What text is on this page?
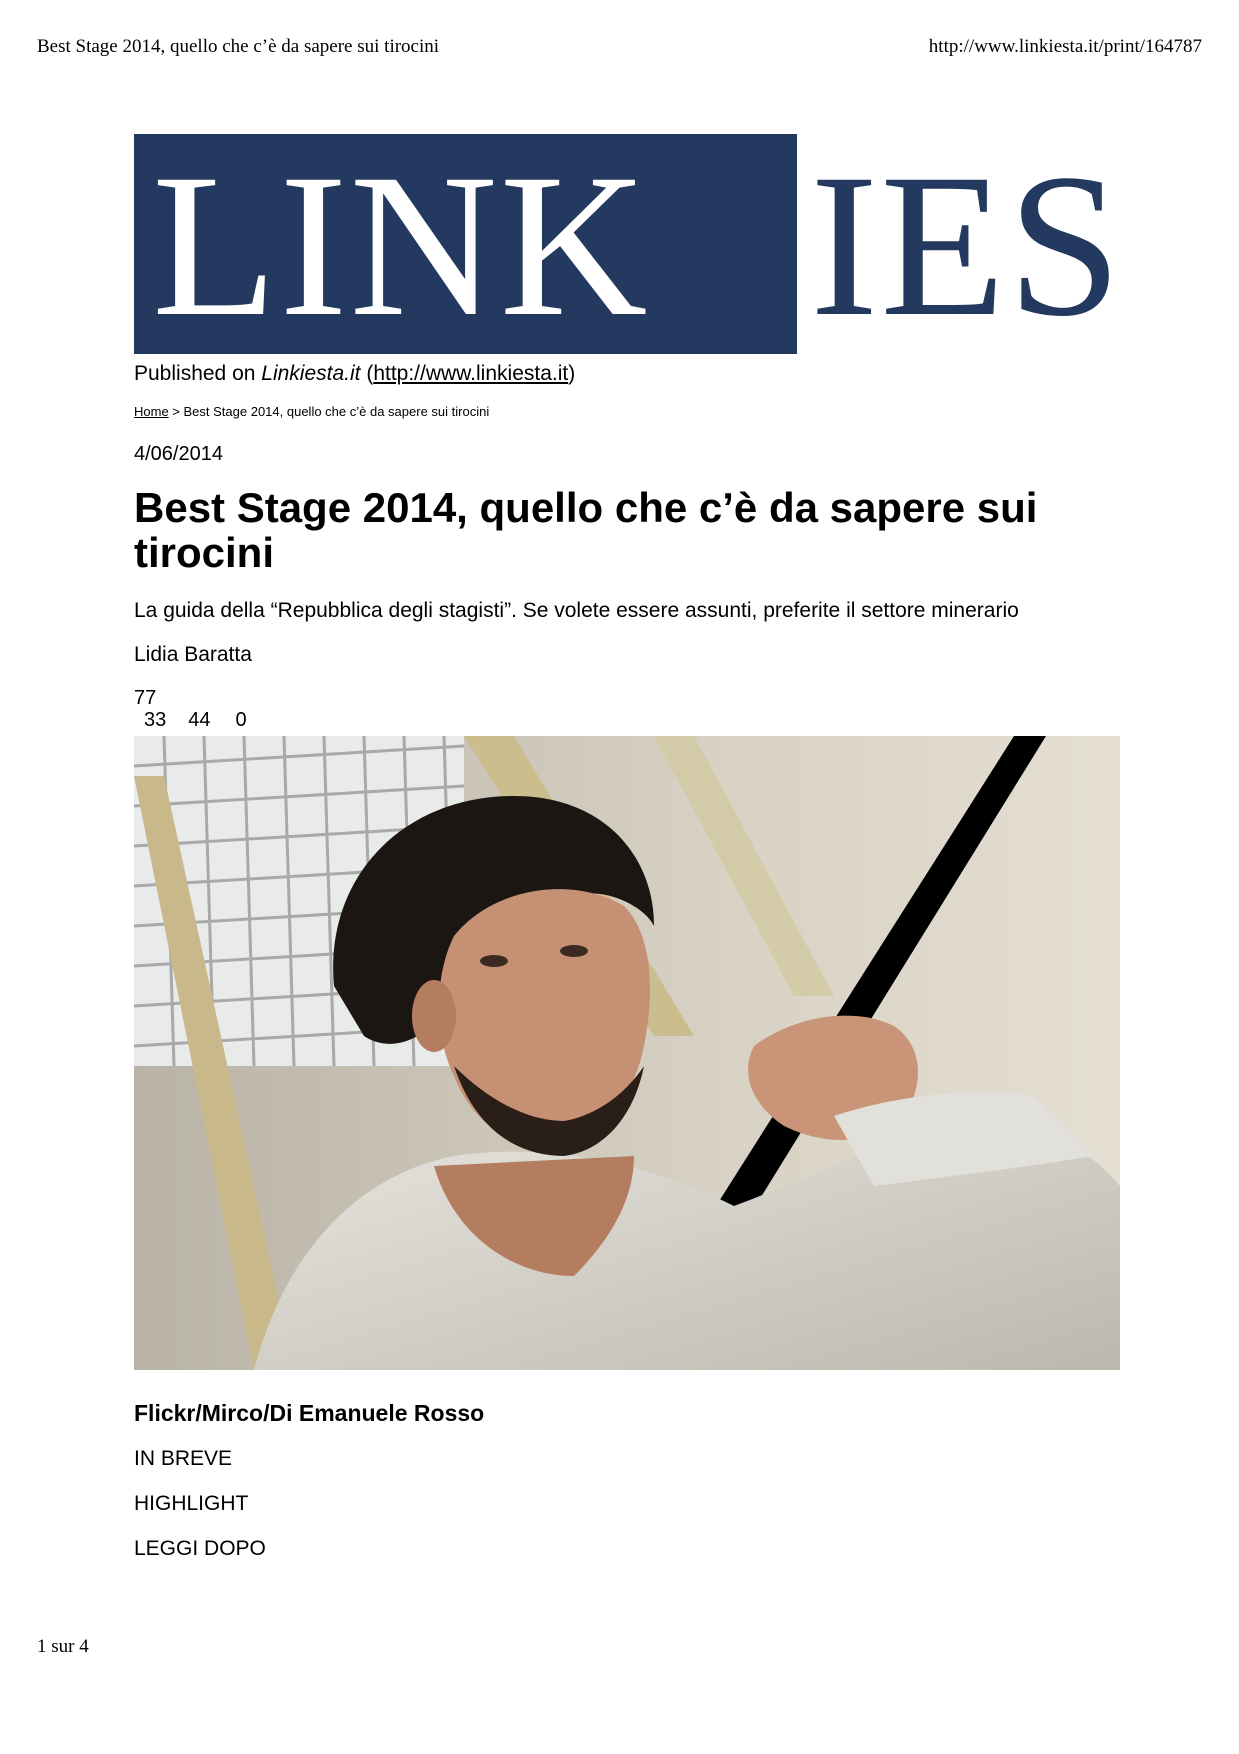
Best Stage 2014, quello che c’è da sapere sui tirocini	http://www.linkiesta.it/print/164787
LINK IES
Published on Linkiesta.it (http://www.linkiesta.it)
Home > Best Stage 2014, quello che c’è da sapere sui tirocini
4/06/2014
Best Stage 2014, quello che c’è da sapere sui tirocini
La guida della “Repubblica degli stagisti”. Se volete essere assunti, preferite il settore minerario
Lidia Baratta
77
33 44 0
Flickr/Mirco/Di Emanuele Rosso
IN BREVE
HIGHLIGHT
LEGGI DOPO
1 sur 4
